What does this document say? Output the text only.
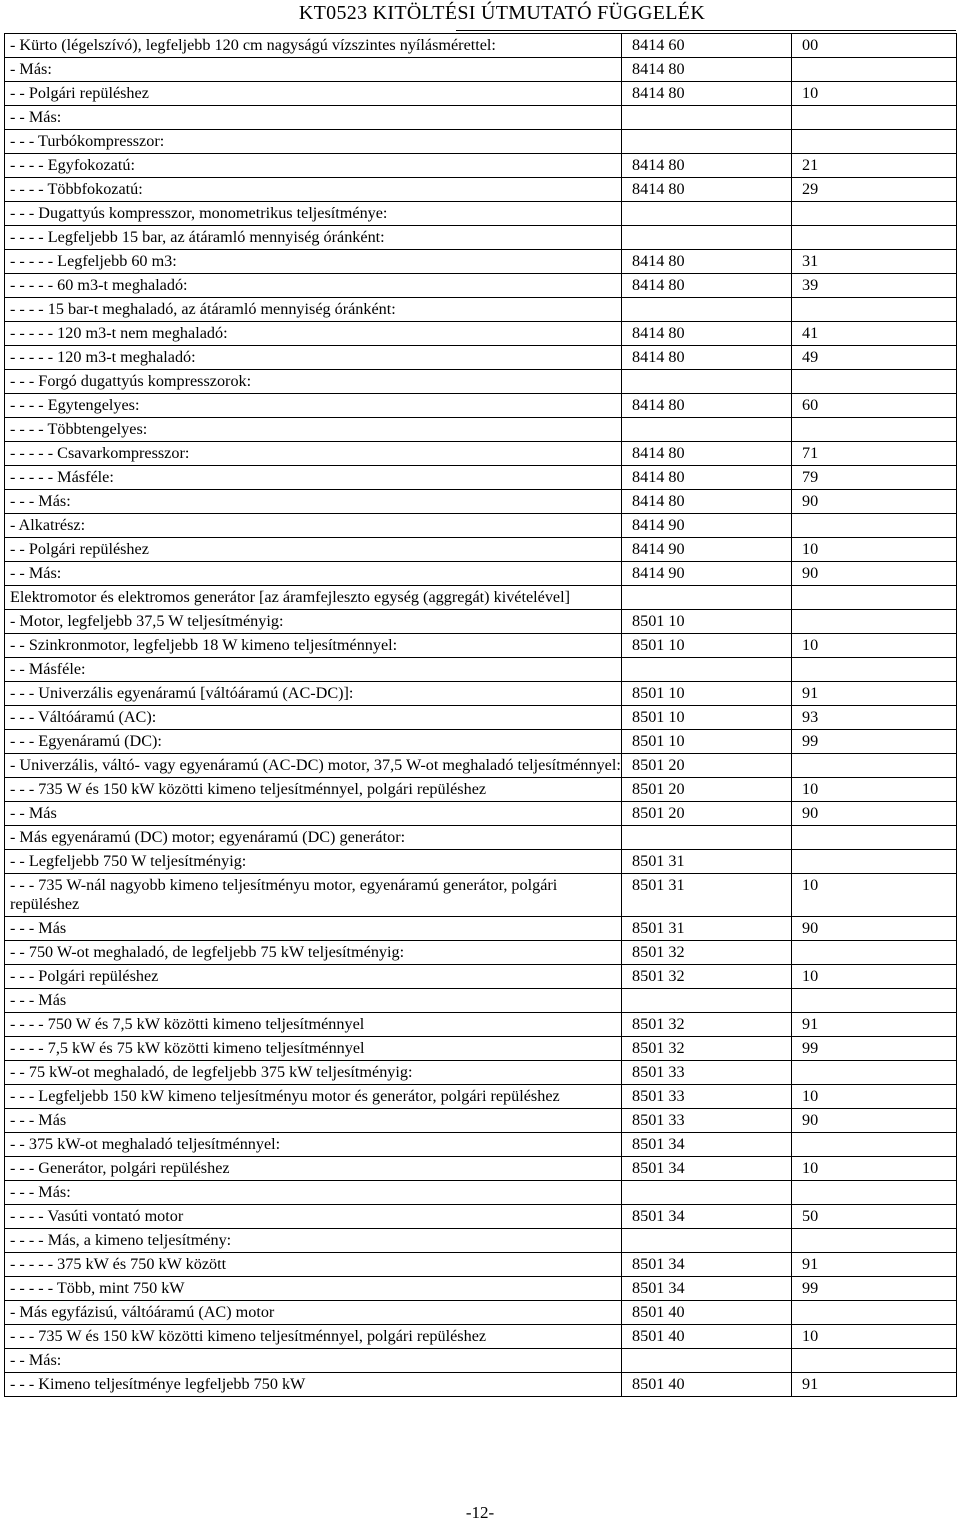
KT0523 KITÖLTÉSI ÚTMUTATÓ FÜGGELÉK
- Kürto (légelszívó), legfeljebb 120 cm nagyságú vízszintes nyílásmérettel:	8414 60	00
- Más:	8414 80	
- - Polgári repüléshez	8414 80	10
- - Más:		
- - - Turbókompresszor:		
- - - - Egyfokozatú:	8414 80	21
- - - - Többfokozatú:	8414 80	29
- - - Dugattyús kompresszor, monometrikus teljesítménye:		
- - - - Legfeljebb 15 bar, az átáramló mennyiség óránként:		
- - - - - Legfeljebb 60 m3:	8414 80	31
- - - - - 60 m3-t meghaladó:	8414 80	39
- - - - 15 bar-t meghaladó, az átáramló mennyiség óránként:		
- - - - - 120 m3-t nem meghaladó:	8414 80	41
- - - - - 120 m3-t meghaladó:	8414 80	49
- - - Forgó dugattyús kompresszorok:		
- - - - Egytengelyes:	8414 80	60
- - - - Többtengelyes:		
- - - - - Csavarkompresszor:	8414 80	71
- - - - - Másféle:	8414 80	79
- - - Más:	8414 80	90
- Alkatrész:	8414 90	
- - Polgári repüléshez	8414 90	10
- - Más:	8414 90	90
Elektromotor és elektromos generátor [az áramfejleszto egység (aggregát) kivételével]		
- Motor, legfeljebb 37,5 W teljesítményig:	8501 10	
- - Szinkronmotor, legfeljebb 18 W kimeno teljesítménnyel:	8501 10	10
- - Másféle:		
- - - Univerzális egyenáramú [váltóáramú (AC-DC)]:	8501 10	91
- - - Váltóáramú (AC):	8501 10	93
- - - Egyenáramú (DC):	8501 10	99
- Univerzális, váltó- vagy egyenáramú (AC-DC) motor, 37,5 W-ot meghaladó teljesítménnyel:	8501 20	
- - - 735 W és 150 kW közötti kimeno teljesítménnyel, polgári repüléshez	8501 20	10
- - Más	8501 20	90
- Más egyenáramú (DC) motor; egyenáramú (DC) generátor:		
- - Legfeljebb 750 W teljesítményig:	8501 31	
- - - 735 W-nál nagyobb kimeno teljesítményu motor, egyenáramú generátor, polgári repüléshez	8501 31	10
- - - Más	8501 31	90
- - 750 W-ot meghaladó, de legfeljebb 75 kW teljesítményig:	8501 32	
- - - Polgári repüléshez	8501 32	10
- - - Más		
- - - - 750 W és 7,5 kW közötti kimeno teljesítménnyel	8501 32	91
- - - - 7,5 kW és 75 kW közötti kimeno teljesítménnyel	8501 32	99
- - 75 kW-ot meghaladó, de legfeljebb 375 kW teljesítményig:	8501 33	
- - - Legfeljebb 150 kW kimeno teljesítményu motor és generátor, polgári repüléshez	8501 33	10
- - - Más	8501 33	90
- - 375 kW-ot meghaladó teljesítménnyel:	8501 34	
- - - Generátor, polgári repüléshez	8501 34	10
- - - Más:		
- - - - Vasúti vontató motor	8501 34	50
- - - - Más, a kimeno teljesítmény:		
- - - - - 375 kW és 750 kW között	8501 34	91
- - - - - Több, mint 750 kW	8501 34	99
- Más egyfázisú, váltóáramú (AC) motor	8501 40	
- - - 735 W és 150 kW közötti kimeno teljesítménnyel, polgári repüléshez	8501 40	10
- - Más:		
- - - Kimeno teljesítménye legfeljebb 750 kW	8501 40	91
-12-
